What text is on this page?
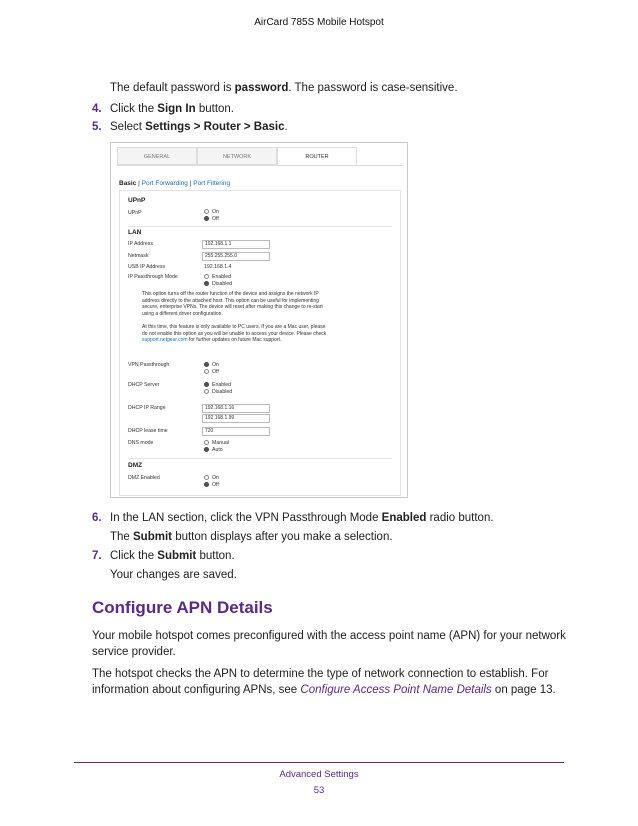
AirCard 785S Mobile Hotspot
The default password is password. The password is case-sensitive.
4. Click the Sign In button.
5. Select Settings > Router > Basic.
GENERAL	NETWORK	ROUTER
Basic | Port Forwarding | Port Filtering
UPnP
UPnP	On
Off
LAN
IP Address	192.168.1.1
Netmask	255.255.255.0
USB IP Address	192.168.1.4
IP Passthrough Mode	Enabled
Disabled
This option turns off the router function of the device and assigns the network IP address directly to the attached host. This option can be useful for implementing secure, enterprise VPNs. The device will reset after making this change to re-start using a different driver configuration.
At this time, this feature is only available to PC users. If you are a Mac user, please do not enable this option as you will be unable to access your device. Please check support.netgear.com for further updates on future Mac support.
VPN Passthrough	On
Off
DHCP Server	Enabled
Disabled
DHCP IP Range	192.168.1.16
192.168.1.99
DHCP lease time	720
DNS mode	Manual
Auto
DMZ
DMZ Enabled	On
Off
6. In the LAN section, click the VPN Passthrough Mode Enabled radio button.
The Submit button displays after you make a selection.
7. Click the Submit button.
Your changes are saved.
Configure APN Details
Your mobile hotspot comes preconfigured with the access point name (APN) for your network service provider.
The hotspot checks the APN to determine the type of network connection to establish. For information about configuring APNs, see Configure Access Point Name Details on page 13.
Advanced Settings
53
